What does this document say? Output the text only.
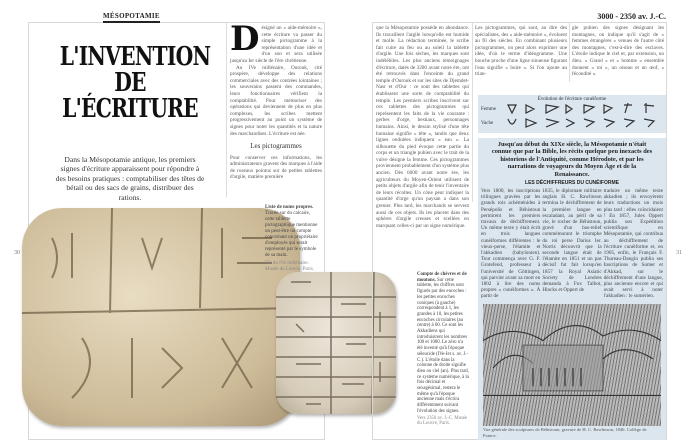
MÉSOPOTAMIE
L'INVENTION
DE
L'ÉCRITURE
Dans la Mésopotamie antique, les premiers signes d'écriture apparaissent pour répondre à des besoins pratiques : comptabiliser des têtes de bétail ou des sacs de grains, distribuer des rations.
D ésigné un « aide-mémoire », cette écriture va passer du simple pictogramme à la représentation d'une idée et d'un son et sera utilisée jusqu'au Ier siècle de l'ère chrétienne.

Au IVe millénaire, Ourouk, cité prospère, développe des relations commerciales avec des contrées lointaines ; les souverains passent des commandes, leurs fonctionnaires vérifient la comptabilité. Pour mémoriser des opérations qui deviennent de plus en plus complexes, les scribes mettent progressivement au point un système de signes pour noter les quantités et la nature des marchandises. L'écriture est née.

Les pictogrammes

Pour conserver ces informations, les administrateurs gravent des marques à l'aide de roseaux pointus sur de petites tablettes d'argile, matière première

Liste de noms propres. Tracée sur du calcaire, cette tablette pictographique mentionne un peut-être un compte concernant un propriétaire d'employés qui serait représenté par le symbole de sa main.
Fin du IVe millénaire. Musée du Louvre, Paris.
30
3000 - 2350 av. J.-C.
que la Mésopotamie possède en abondance. Ils travaillent l'argile lorsqu'elle est humide et molle. La rédaction terminée, le scribe fait cuire au feu ou au soleil la tablette d'argile. Une fois sèches, les marques sont indélébiles. Les plus anciens témoignages d'écriture, datés de 3200 avant notre ère, ont été retrouvés dans l'enceinte du grand temple d'Ourouk et sur les sites de Djemdet-Nasr et d'Our : ce sont des tablettes qui établissent une sorte de comptabilité du temple. Les premiers scribes inscrivent sur ces tablettes des pictogrammes qui représentent les faits de la vie courante : gerbes d'orge, bestiaux, personnages humains. Ainsi, le dessin stylisé d'une tête humaine signifie « tête », tandis que deux lignes ondulées indiquent « eau ». La silhouette du pied évoque cette partie du corps et un triangle pubien avec le trait de la vulve désigne la femme. Ces pictogrammes proviennent probablement d'un système plus ancien. Dès 6000 avant notre ère, les agriculteurs du Moyen-Orient utilisent de petits objets d'argile afin de tenir l'inventaire de leurs récoltes. Un cône peut indiquer la quantité d'orge qu'un paysan a dans son grenier. Plus tard, les marchands se servent aussi de ces objets. Ils les placent dans des sphères d'argile creuses et scellées en marquant celles-ci par un signe numérique.
Les pictogrammes, qui sont, au dire des spécialistes, des « aide-mémoire », évoluent au fil des siècles. En combinant plusieurs pictogrammes, on peut alors exprimer une idée, d'où le terme d'idéogramme. Une bouche proche d'une ligne sinueuse figurant l'eau signifie « boire ». Si l'on ajoute au trian-
gle pubien des signes désignant les montagnes, on indique qu'il s'agit de « femmes étrangères » venues de l'autre côté des montagnes, c'est-à-dire des esclaves. L'étoile indique le ciel et, par extension, un dieu. « Grand » et « homme » ensemble donnent « roi », un oiseau et un œuf, « fécondité ».
Évolution de l'écriture cunéiforme
Femme
Vache
Jusqu'au début du XIXe siècle, la Mésopotamie n'était connue que par la Bible, les récits quelque peu inexacts des historiens de l'Antiquité, comme Hérodote, et par les narrations de voyageurs du Moyen Âge et de la Renaissance.
LES DÉCHIFFREURS DU CUNÉIFORME
Vers 1800, les inscriptions trilingues gravées par les grands rois achéménides à Persépolis et Béhistoun permirent les premiers travaux de déchiffrement. Un même texte y était écrit en trois langues cunéiformes différentes : le vieux-perse, l'élamite et l'akkadien (babylonien). Tout commença avec G. F. Grotefend, professeur à l'université de Göttingen, qui parvint avant sa mort en 1802 à lire des noms propres « cunéiformes ». À partir de
1835, le diplomate militaire anglais H. C. Rawlinson termina le déchiffrement de la première langue en escaladant, au péril de sa vie, le rocher de Béhistoun, gravé d'un bas-relief commémorant le triomphe du roi perse Darius Ier. Norris découvrit que la seconde langue était de l'élamite en 1851 et un pas décisif fut fait lorsqu'en 1857 la Royal Asiatic Society de Londres demanda à Fox Talbot, Hincks et Oppert de
traduire un même texte akkadien ; ils envoyèrent leurs traductions un mois plus tard : elles coïncidaient ! En 1857, Jules Oppert publia son Expédition scientifique en Mésopotamie, qui contribua au déchiffrement de l'écriture cunéiforme et, en 1905, enfin, le Français F. Thureau-Dangin publia ses Inscriptions de Sumer et d'Akkad, sur le déchiffrement d'une langue, plus ancienne encore et qui avait servi à noter l'akkadien : le sumérien.
Vue générale des sculptures de Béhistoun, gravure de H. C. Rawlinson, 1846. Collège de France.
Compte de chèvres et de moutons. Sur cette tablette, les chiffres sont figurés par des encoches : les petites encoches coniques (à gauche) correspondent à 1, les grandes à 10, les petites encoches circulaires (au centre) à 60. Ce sont les Akkadiens qui introduisirent les nombres 100 et 1000. Le zéro n'a été inventé qu'à l'époque séleucide (IVe-Ier s. av. J.-C.). L'étoile dans la colonne de droite signifie dieu ou ciel (an). Plus tard, ce système numérique, à la fois décimal et sexagésimal, restera le même qu'à l'époque ancienne mais s'écrira différemment suivant l'évolution des signes.
Vers 2350 av. J.-C. Musée du Louvre, Paris.
31
